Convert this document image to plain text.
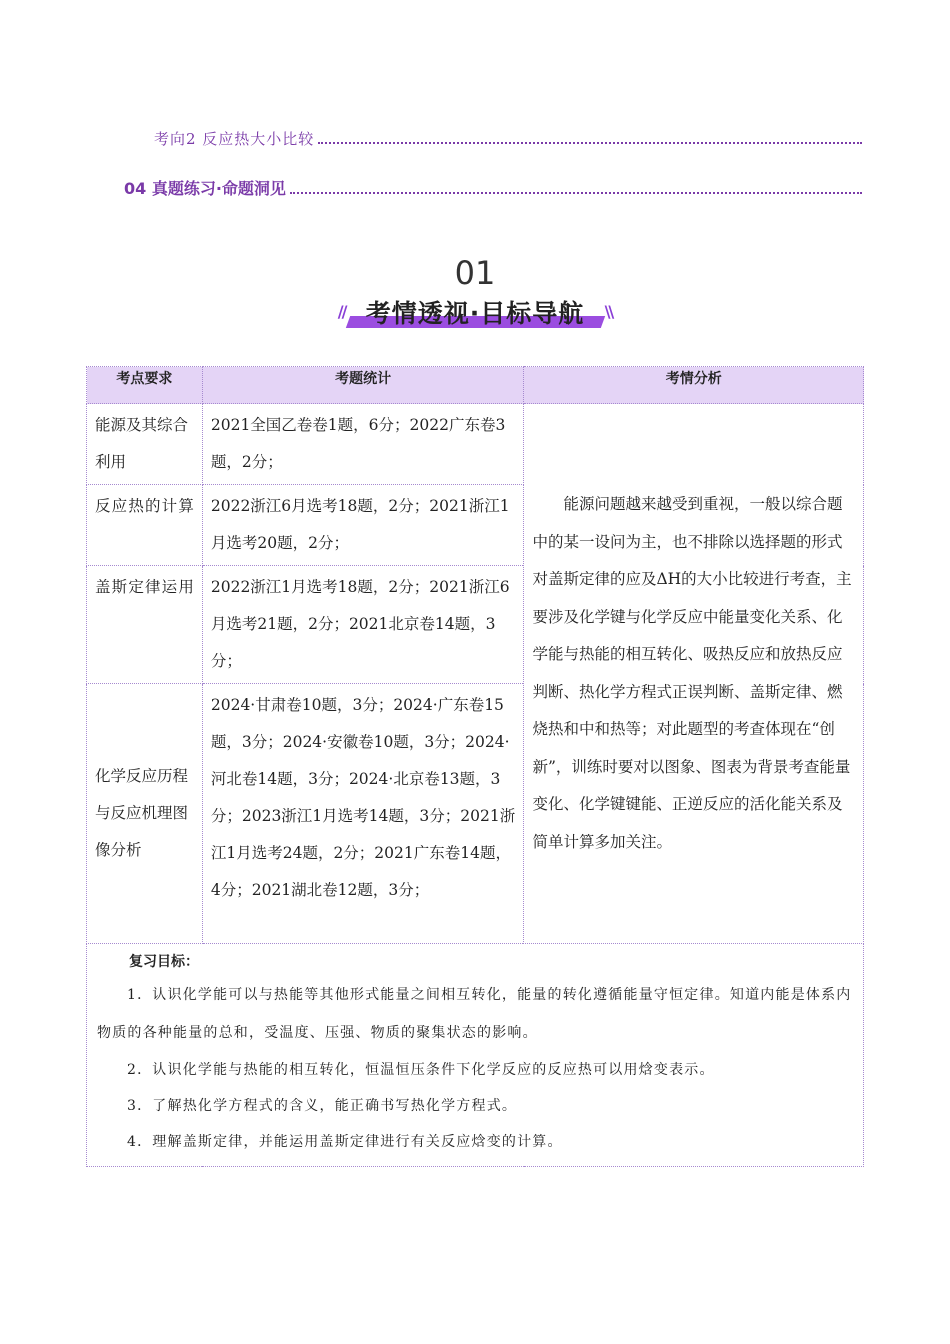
考向2 反应热大小比较
04 真题练习·命题洞见
01
// 考情透视·目标导航 \\
考点要求	考题统计	考情分析
能源及其综合利用	2021全国乙卷卷1题，6分；2022广东卷3题，2分；	能源问题越来越受到重视，一般以综合题中的某一设问为主，也不排除以选择题的形式对盖斯定律的应及ΔH的大小比较进行考查，主要涉及化学键与化学反应中能量变化关系、化学能与热能的相互转化、吸热反应和放热反应判断、热化学方程式正误判断、盖斯定律、燃烧热和中和热等；对此题型的考查体现在“创新”，训练时要对以图象、图表为背景考查能量变化、化学键键能、正逆反应的活化能关系及简单计算多加关注。
反应热的计算	2022浙江6月选考18题，2分；2021浙江1月选考20题，2分；	
盖斯定律运用	2022浙江1月选考18题，2分；2021浙江6月选考21题，2分；2021北京卷14题，3分；	
化学反应历程与反应机理图像分析	2024·甘肃卷10题，3分；2024·广东卷15题，3分；2024·安徽卷10题，3分；2024·河北卷14题，3分；2024·北京卷13题，3分；2023浙江1月选考14题，3分；2021浙江1月选考24题，2分；2021广东卷14题，4分；2021湖北卷12题，3分；	

复习目标：

1．认识化学能可以与热能等其他形式能量之间相互转化，能量的转化遵循能量守恒定律。知道内能是体系内物质的各种能量的总和，受温度、压强、物质的聚集状态的影响。

2．认识化学能与热能的相互转化，恒温恒压条件下化学反应的反应热可以用焓变表示。

3．了解热化学方程式的含义，能正确书写热化学方程式。

4．理解盖斯定律，并能运用盖斯定律进行有关反应焓变的计算。		
